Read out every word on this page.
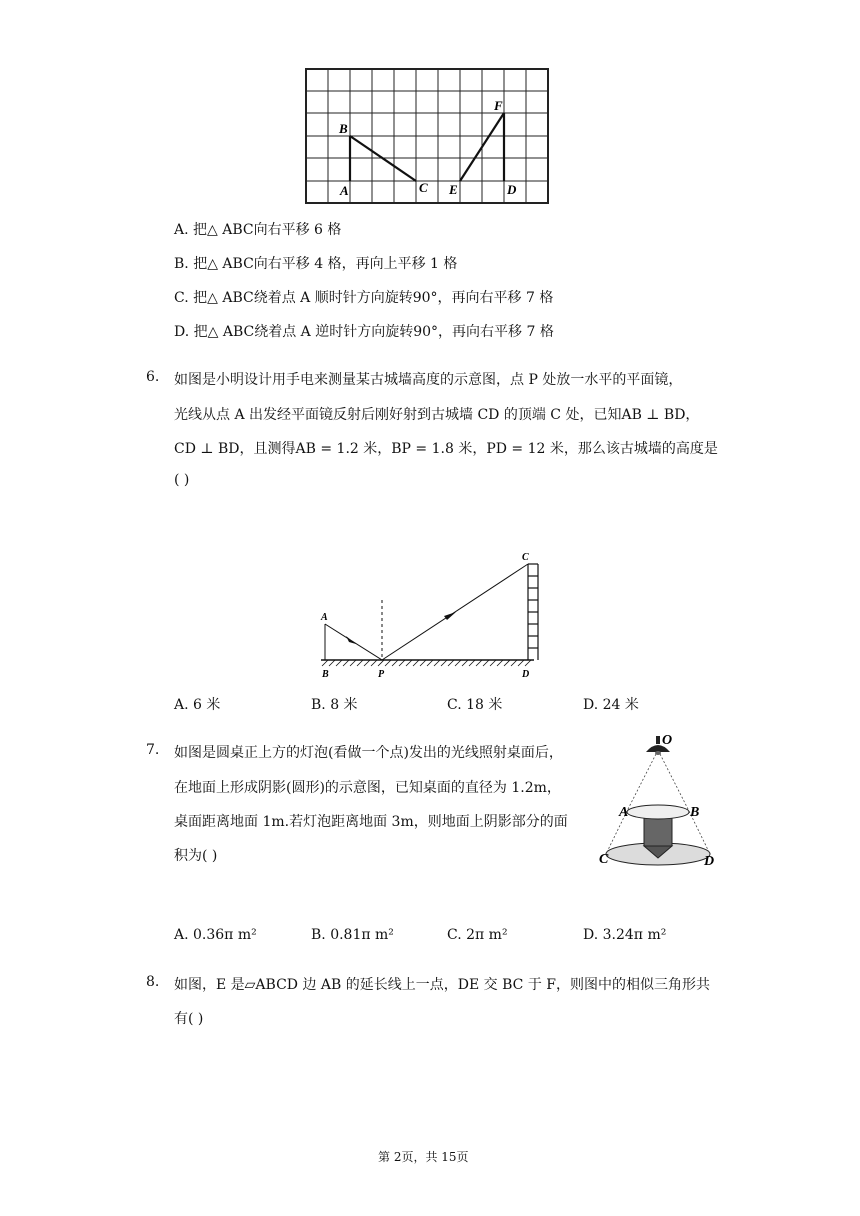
B
A	C E	D
F
A. 把△ ABC向右平移 6 格
B. 把△ ABC向右平移 4 格，再向上平移 1 格
C. 把△ ABC绕着点 A 顺时针方向旋转90°，再向右平移 7 格
D. 把△ ABC绕着点 A 逆时针方向旋转90°，再向右平移 7 格
6. 如图是小明设计用手电来测量某古城墙高度的示意图，点 P 处放一水平的平面镜，
光线从点 A 出发经平面镜反射后刚好射到古城墙 CD 的顶端 C 处，已知AB ⊥ BD，
CD ⊥ BD，且测得AB = 1.2 米，BP = 1.8 米，PD = 12 米，那么该古城墙的高度是
( )
A
B	P	D
C
A. 6 米	B. 8 米	C. 18 米	D. 24 米
7. 如图是圆桌正上方的灯泡(看做一个点)发出的光线照射桌面后，
在地面上形成阴影(圆形)的示意图，已知桌面的直径为 1.2m，
桌面距离地面 1m.若灯泡距离地面 3m，则地面上阴影部分的面
积为( )
O
A	B
C	D
A. 0.36π m²	B. 0.81π m²	C. 2π m²	D. 3.24π m²
8. 如图，E 是▱ABCD 边 AB 的延长线上一点，DE 交 BC 于 F，则图中的相似三角形共
有( )
第 2页，共 15页
